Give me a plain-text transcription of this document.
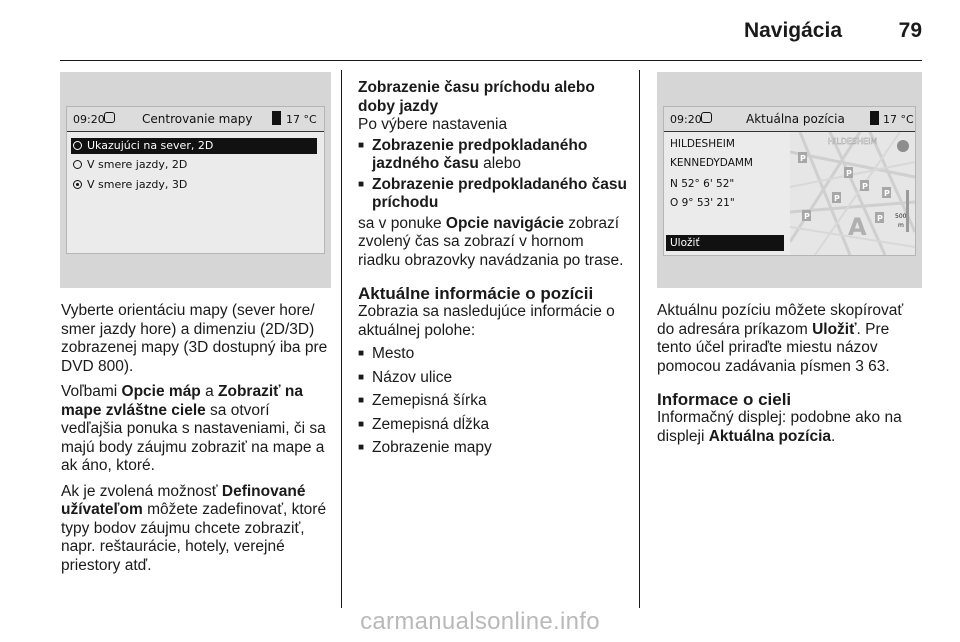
Navigácia	79
09:20	Centrovanie mapy	17 °C
Ukazujúci na sever, 2D
V smere jazdy, 2D
V smere jazdy, 3D
09:20	Aktuálna pozícia	17 °C
HILDESHEIM
KENNEDYDAMM
N 52° 6' 52"
O 9° 53' 21"
Uložiť
HILDESHEIM
P
P
P
P
P
P	P
A	500
m

Vyberte orientáciu mapy (sever hore/ smer jazdy hore) a dimenziu (2D/3D) zobrazenej mapy (3D dostupný iba pre DVD 800).

Voľbami Opcie máp a Zobraziť na mape zvláštne ciele sa otvorí vedľajšia ponuka s nastaveniami, či sa majú body záujmu zobraziť na mape a ak áno, ktoré.

Ak je zvolená možnosť Definované užívateľom môžete zadefinovať, ktoré typy bodov záujmu chcete zobraziť, napr. reštaurácie, hotely, verejné priestory atď.

Zobrazenie času príchodu alebo doby jazdy

Po výbere nastavenia

■ Zobrazenie predpokladaného jazdného času alebo
■ Zobrazenie predpokladaného času príchodu

sa v ponuke Opcie navigácie zobrazí zvolený čas sa zobrazí v hornom riadku obrazovky navádzania po trase.

Aktuálne informácie o pozícii

Zobrazia sa nasledujúce informácie o aktuálnej polohe:

■ Mesto
■ Názov ulice
■ Zemepisná šírka
■ Zemepisná dĺžka
■ Zobrazenie mapy

Aktuálnu pozíciu môžete skopírovať do adresára príkazom Uložiť. Pre tento účel priraďte miestu názov pomocou zadávania písmen 3 63.

Informace o cieli

Informačný displej: podobne ako na displeji Aktuálna pozícia.

carmanualsonline.info
